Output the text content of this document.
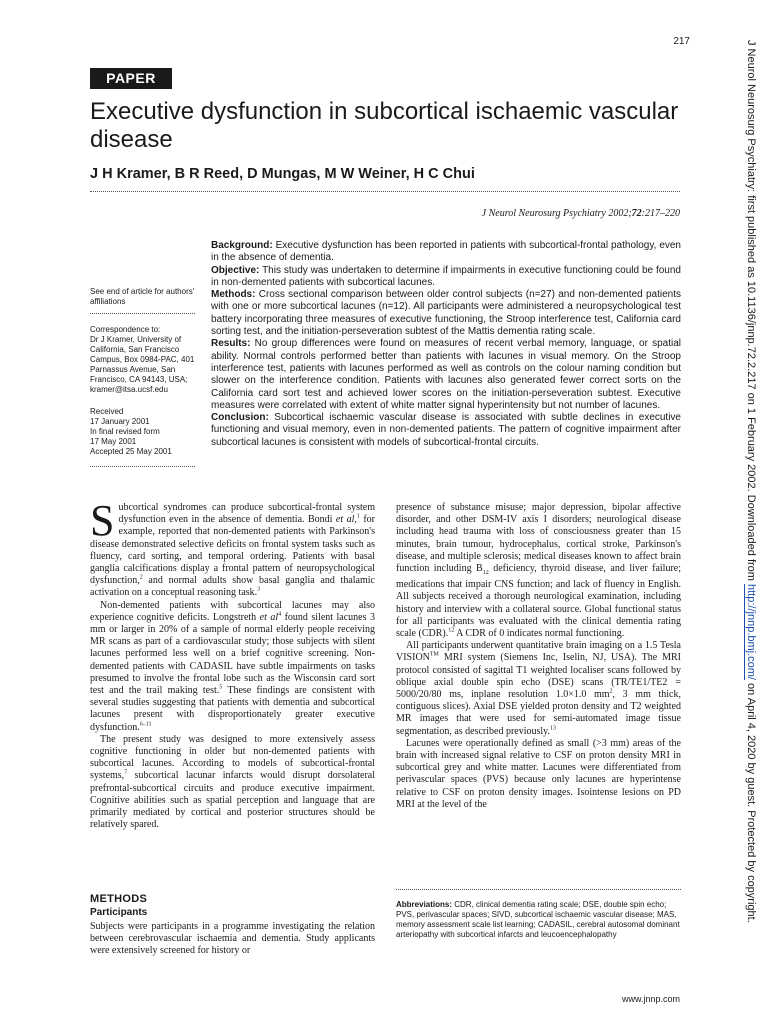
217
PAPER
Executive dysfunction in subcortical ischaemic vascular disease
J H Kramer, B R Reed, D Mungas, M W Weiner, H C Chui
J Neurol Neurosurg Psychiatry 2002;72:217–220
See end of article for authors' affiliations
Correspondence to:
Dr J Kramer, University of California, San Francisco Campus, Box 0984-PAC, 401 Parnassus Avenue, San Francisco, CA 94143, USA; kramer@itsa.ucsf.edu
Received
17 January 2001
In final revised form
17 May 2001
Accepted 25 May 2001

Background: Executive dysfunction has been reported in patients with subcortical-frontal pathology, even in the absence of dementia.

Objective: This study was undertaken to determine if impairments in executive functioning could be found in non-demented patients with subcortical lacunes.

Methods: Cross sectional comparison between older control subjects (n=27) and non-demented patients with one or more subcortical lacunes (n=12). All participants were administered a neuropsychological test battery incorporating three measures of executive functioning, the Stroop interference test, California card sorting test, and the initiation-perseveration subtest of the Mattis dementia rating scale.

Results: No group differences were found on measures of recent verbal memory, language, or spatial ability. Normal controls performed better than patients with lacunes in visual memory. On the Stroop interference test, patients with lacunes performed as well as controls on the colour naming condition but slower on the interference condition. Patients with lacunes also generated fewer correct sorts on the California card sort test and achieved lower scores on the initiation-perseveration subtest. Executive measures were correlated with extent of white matter signal hyperintensity but not number of lacunes.

Conclusion: Subcortical ischaemic vascular disease is associated with subtle declines in executive functioning and visual memory, even in non-demented patients. The pattern of cognitive impairment after subcortical lacunes is consistent with models of subcortical-frontal circuits.

Subcortical syndromes can produce subcortical-frontal system dysfunction even in the absence of dementia. Bondi et al,$^1$ for example, reported that non-demented patients with Parkinson's disease demonstrated selective deficits on frontal system tasks such as fluency, card sorting, and temporal ordering. Patients with basal ganglia calcifications display a frontal pattern of neuropsychological dysfunction,$^2$ and normal adults show basal ganglia and thalamic activation on a conceptual reasoning task.$^3$

Non-demented patients with subcortical lacunes may also experience cognitive deficits. Longstreth et $al^4$ found silent lacunes 3 mm or larger in 20% of a sample of normal elderly people receiving MR scans as part of a cardiovascular study; those subjects with silent lacunes performed less well on a brief cognitive screening. Non-demented patients with CADASIL have subtle impairments on tasks presumed to involve the frontal lobe such as the Wisconsin card sort test and the trail making test.$^5$ These findings are consistent with several studies suggesting that patients with dementia and subcortical lacunes present with disproportionately greater executive dysfunction.$^{6-11}$

The present study was designed to more extensively assess cognitive functioning in older but non-demented patients with subcortical lacunes. According to models of subcortical-frontal systems,$^7$ subcortical lacunar infarcts would disrupt dorsolateral prefrontal-subcortical circuits and produce executive impairment. Cognitive abilities such as spatial perception and language that are primarily mediated by cortical and posterior structures should be relatively spared.

METHODS
Participants

Subjects were participants in a programme investigating the relation between cerebrovascular ischaemia and dementia. Study applicants were extensively screened for history or

presence of substance misuse; major depression, bipolar affective disorder, and other DSM-IV axis I disorders; neurological disease including head trauma with loss of consciousness greater than 15 minutes, brain tumour, hydrocephalus, cortical stroke, Parkinson's disease, and multiple sclerosis; medical diseases known to affect brain function including $B_{12}$ deficiency, thyroid disease, and liver failure; medications that impair CNS function; and lack of fluency in English. All subjects received a thorough neurological examination, including history and interview with a collateral source. Global functional status for all participants was evaluated with the clinical dementia rating scale (CDR).$^{12}$ A CDR of 0 indicates normal functioning.

All participants underwent quantitative brain imaging on a 1.5 Tesla VISION™ MRI system (Siemens Inc, Iselin, NJ, USA). The MRI protocol consisted of sagittal T1 weighted localiser scans followed by oblique axial double spin echo (DSE) scans (TR/TE1/TE2 = 5000/20/80 ms, inplane resolution 1.0×1.0 $mm^2$, 3 mm thick, contiguous slices). Axial DSE yielded proton density and T2 weighted MR images that were used for semi-automated image tissue segmentation, as described previously.$^{13}$

Lacunes were operationally defined as small (>3 mm) areas of the brain with increased signal relative to CSF on proton density MRI in subcortical grey and white matter. Lacunes were differentiated from perivascular spaces (PVS) because only lacunes are hyperintense relative to CSF on proton density images. Isointense lesions on PD MRI at the level of the

Abbreviations: CDR, clinical dementia rating scale; DSE, double spin echo; PVS, perivascular spaces; SIVD, subcortical ischaemic vascular disease; MAS, memory assessment scale list learning; CADASIL, cerebral autosomal dominant arteriopathy with subcortical infarcts and leucoencephalopathy
www.jnnp.com
J Neurol Neurosurg Psychiatry: first published as 10.1136/jnnp.72.2.217 on 1 February 2002. Downloaded from http://jnnp.bmj.com/ on April 4, 2020 by guest. Protected by copyright.
